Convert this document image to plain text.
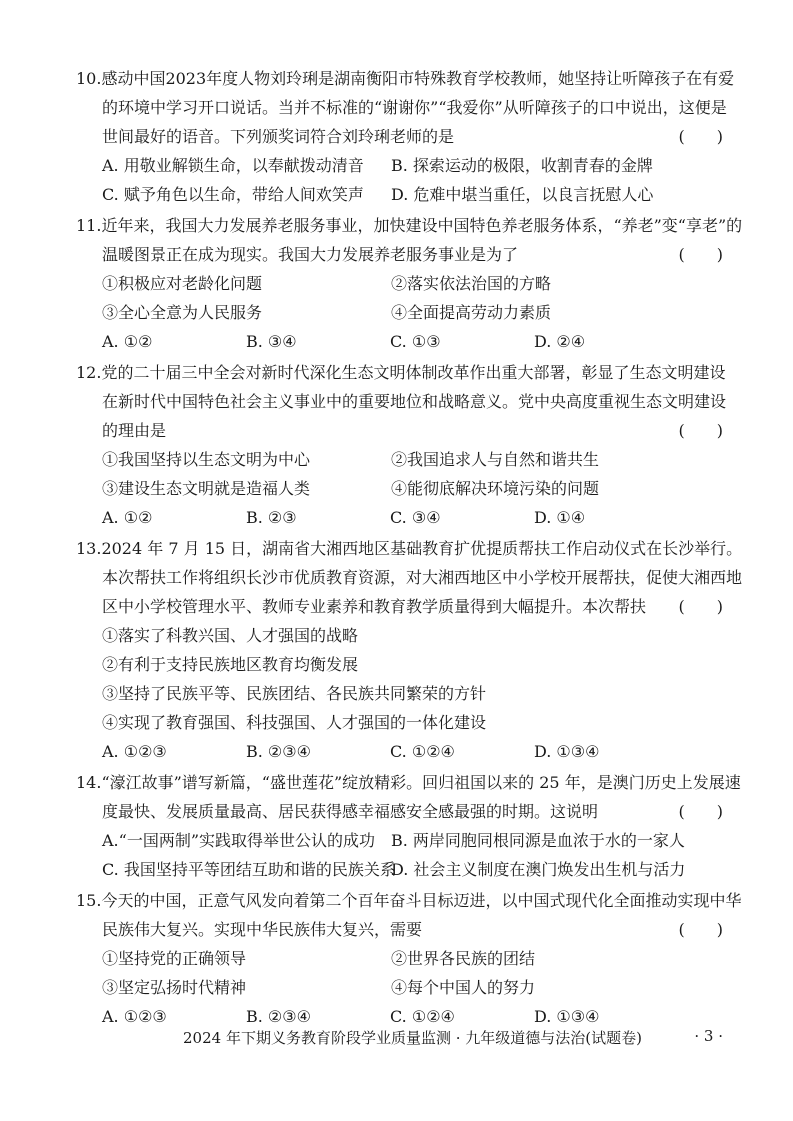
10.感动中国2023年度人物刘玲琍是湖南衡阳市特殊教育学校教师，她坚持让听障孩子在有爱
的环境中学习开口说话。当并不标准的“谢谢你”“我爱你”从听障孩子的口中说出，这便是
世间最好的语音。下列颁奖词符合刘玲琍老师的是	(　　)
A. 用敬业解锁生命，以奉献拨动清音	B. 探索运动的极限，收割青春的金牌
C. 赋予角色以生命，带给人间欢笑声	D. 危难中堪当重任，以良言抚慰人心
11.近年来，我国大力发展养老服务事业，加快建设中国特色养老服务体系，“养老”变“享老”的
温暖图景正在成为现实。我国大力发展养老服务事业是为了	(　　)
①积极应对老龄化问题	②落实依法治国的方略
③全心全意为人民服务	④全面提高劳动力素质
A. ①②	B. ③④	C. ①③	D. ②④
12.党的二十届三中全会对新时代深化生态文明体制改革作出重大部署，彰显了生态文明建设
在新时代中国特色社会主义事业中的重要地位和战略意义。党中央高度重视生态文明建设
的理由是	(　　)
①我国坚持以生态文明为中心	②我国追求人与自然和谐共生
③建设生态文明就是造福人类	④能彻底解决环境污染的问题
A. ①②	B. ②③	C. ③④	D. ①④
13.2024 年 7 月 15 日，湖南省大湘西地区基础教育扩优提质帮扶工作启动仪式在长沙举行。
本次帮扶工作将组织长沙市优质教育资源，对大湘西地区中小学校开展帮扶，促使大湘西地
区中小学校管理水平、教师专业素养和教育教学质量得到大幅提升。本次帮扶 (　　)
①落实了科教兴国、人才强国的战略
②有利于支持民族地区教育均衡发展
③坚持了民族平等、民族团结、各民族共同繁荣的方针
④实现了教育强国、科技强国、人才强国的一体化建设
A. ①②③	B. ②③④	C. ①②④	D. ①③④
14.“濠江故事”谱写新篇，“盛世莲花”绽放精彩。回归祖国以来的 25 年，是澳门历史上发展速
度最快、发展质量最高、居民获得感幸福感安全感最强的时期。这说明	(　　)
A.“一国两制”实践取得举世公认的成功 B. 两岸同胞同根同源是血浓于水的一家人
C. 我国坚持平等团结互助和谐的民族关系
D. 社会主义制度在澳门焕发出生机与活力
15.今天的中国，正意气风发向着第二个百年奋斗目标迈进，以中国式现代化全面推动实现中华
民族伟大复兴。实现中华民族伟大复兴，需要	(　　)
①坚持党的正确领导	②世界各民族的团结
③坚定弘扬时代精神	④每个中国人的努力
A. ①②③	B. ②③④	C. ①②④	D. ①③④
2024 年下期义务教育阶段学业质量监测 · 九年级道德与法治(试题卷)	· 3 ·
